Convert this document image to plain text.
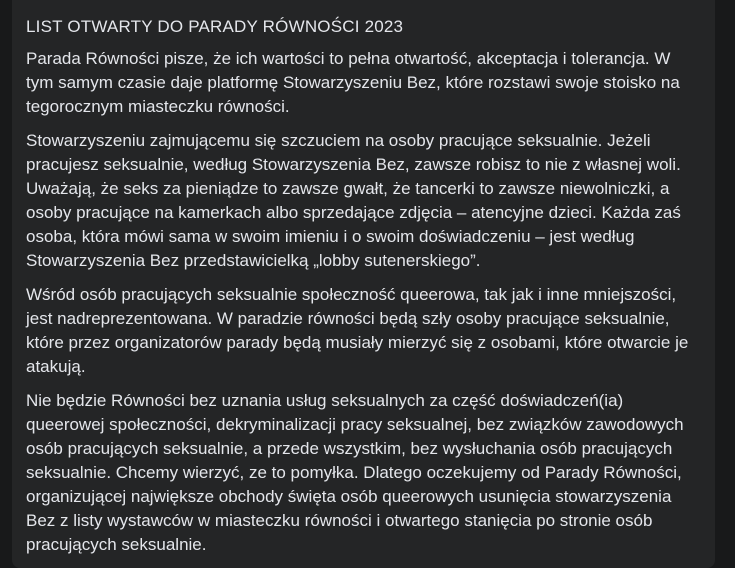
LIST OTWARTY DO PARADY RÓWNOŚCI 2023

Parada Równości pisze, że ich wartości to pełna otwartość, akceptacja i tolerancja. W tym samym czasie daje platformę Stowarzyszeniu Bez, które rozstawi swoje stoisko na tegorocznym miasteczku równości.

Stowarzyszeniu zajmującemu się szczuciem na osoby pracujące seksualnie. Jeżeli pracujesz seksualnie, według Stowarzyszenia Bez, zawsze robisz to nie z własnej woli. Uważają, że seks za pieniądze to zawsze gwałt, że tancerki to zawsze niewolniczki, a osoby pracujące na kamerkach albo sprzedające zdjęcia – atencyjne dzieci. Każda zaś osoba, która mówi sama w swoim imieniu i o swoim doświadczeniu – jest według Stowarzyszenia Bez przedstawicielką „lobby sutenerskiego”.

Wśród osób pracujących seksualnie społeczność queerowa, tak jak i inne mniejszości, jest nadreprezentowana. W paradzie równości będą szły osoby pracujące seksualnie, które przez organizatorów parady będą musiały mierzyć się z osobami, które otwarcie je atakują.

Nie będzie Równości bez uznania usług seksualnych za część doświadczeń(ia) queerowej społeczności, dekryminalizacji pracy seksualnej, bez związków zawodowych osób pracujących seksualnie, a przede wszystkim, bez wysłuchania osób pracujących seksualnie. Chcemy wierzyć, ze to pomyłka. Dlatego oczekujemy od Parady Równości, organizującej największe obchody święta osób queerowych usunięcia stowarzyszenia Bez z listy wystawców w miasteczku równości i otwartego stanięcia po stronie osób pracujących seksualnie.
